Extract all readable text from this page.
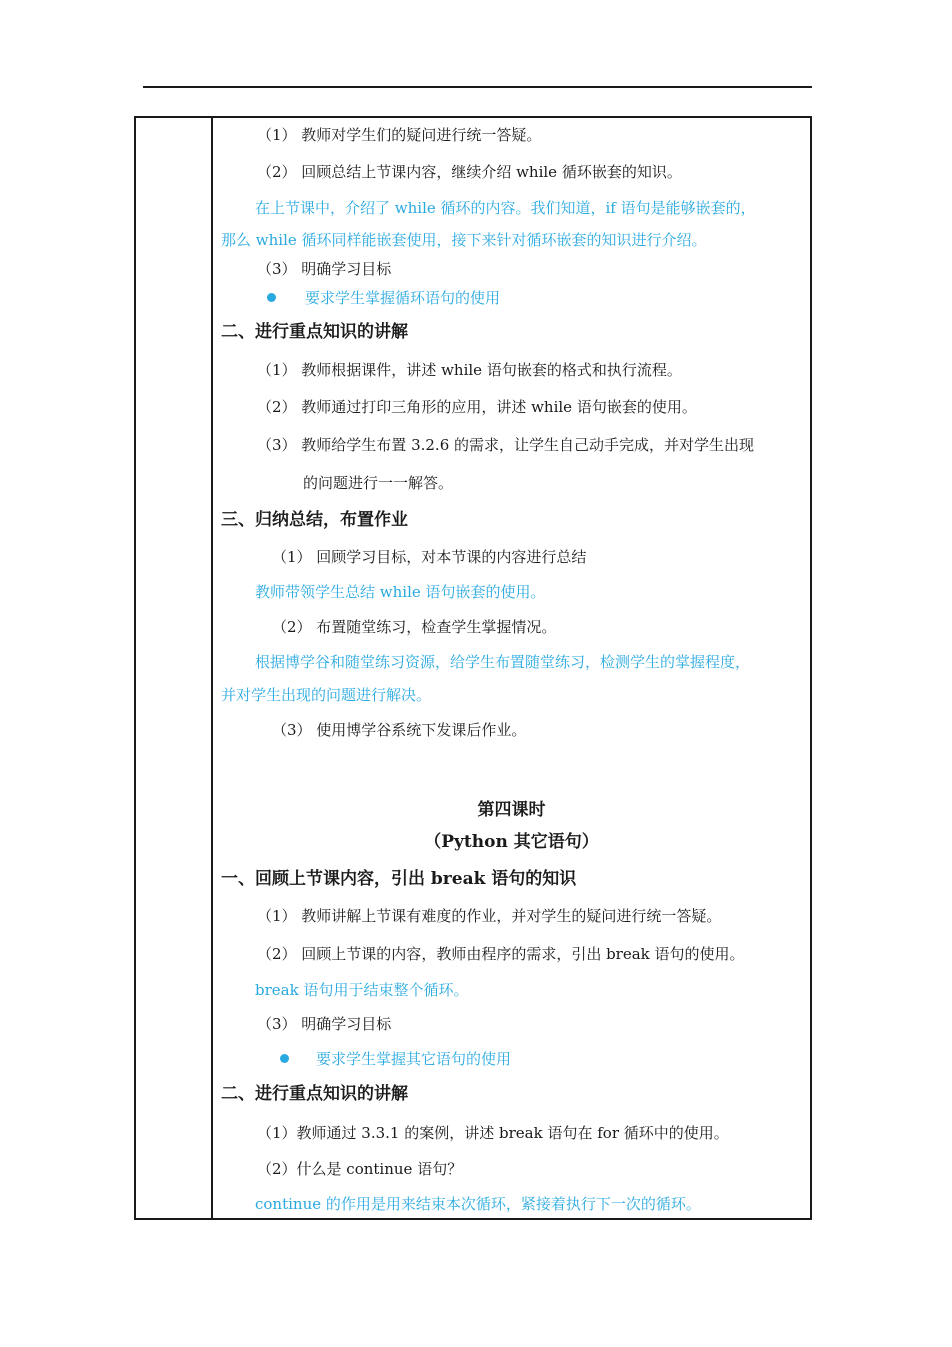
（1） 教师对学生们的疑问进行统一答疑。
（2） 回顾总结上节课内容，继续介绍 while 循环嵌套的知识。
在上节课中，介绍了 while 循环的内容。我们知道，if 语句是能够嵌套的，
那么 while 循环同样能嵌套使用，接下来针对循环嵌套的知识进行介绍。
（3） 明确学习目标
要求学生掌握循环语句的使用
二、进行重点知识的讲解
（1） 教师根据课件，讲述 while 语句嵌套的格式和执行流程。
（2） 教师通过打印三角形的应用，讲述 while 语句嵌套的使用。
（3） 教师给学生布置 3.2.6 的需求，让学生自己动手完成，并对学生出现
的问题进行一一解答。
三、归纳总结，布置作业
（1） 回顾学习目标，对本节课的内容进行总结
教师带领学生总结 while 语句嵌套的使用。
（2） 布置随堂练习，检查学生掌握情况。
根据博学谷和随堂练习资源，给学生布置随堂练习，检测学生的掌握程度，
并对学生出现的问题进行解决。
（3） 使用博学谷系统下发课后作业。
第四课时
（Python 其它语句）
一、回顾上节课内容，引出 break 语句的知识
（1） 教师讲解上节课有难度的作业，并对学生的疑问进行统一答疑。
（2） 回顾上节课的内容，教师由程序的需求，引出 break 语句的使用。
break 语句用于结束整个循环。
（3） 明确学习目标
要求学生掌握其它语句的使用
二、进行重点知识的讲解
（1）教师通过 3.3.1 的案例，讲述 break 语句在 for 循环中的使用。
（2）什么是 continue 语句？
continue 的作用是用来结束本次循环，紧接着执行下一次的循环。
